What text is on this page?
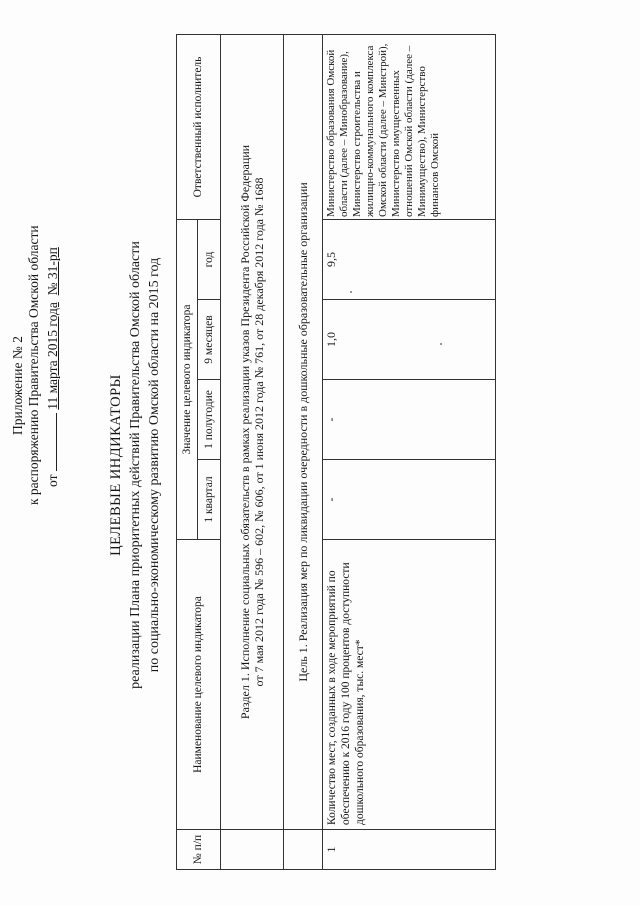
Приложение № 2 к распоряжению Правительства Омской области от  11 марта 2015 года  № 31-рп
ЦЕЛЕВЫЕ ИНДИКАТОРЫ реализации Плана приоритетных действий Правительства Омской области по социально-экономическому развитию Омской области на 2015 год
№ п/п	Наименование целевого индикатора	Значение целевого индикатора				Ответственный исполнитель
		1 квартал	1 полугодие	9 месяцев	год	

	Раздел 1. Исполнение социальных обязательств в рамках реализации указов Президента Российской Федерации от 7 мая 2012 года № 596 – 602, № 606, от 1 июня 2012 года № 761, от 28 декабря 2012 года № 1688					

	Цель 1. Реализация мер по ликвидации очередности в дошкольные образовательные организации					
1	Количество мест, созданных в ходе мероприятий по обеспечению к 2016 году 100 процентов доступности дошкольного образования, тыс. мест*	-	-	1,0	9,5	Министерство образования Омской области (далее – Минобразование), Министерство строительства и жилищно-коммунального комплекса Омской области (далее – Минстрой), Министерство имущественных отношений Омской области (далее – Минимущество), Министерство финансов Омской
